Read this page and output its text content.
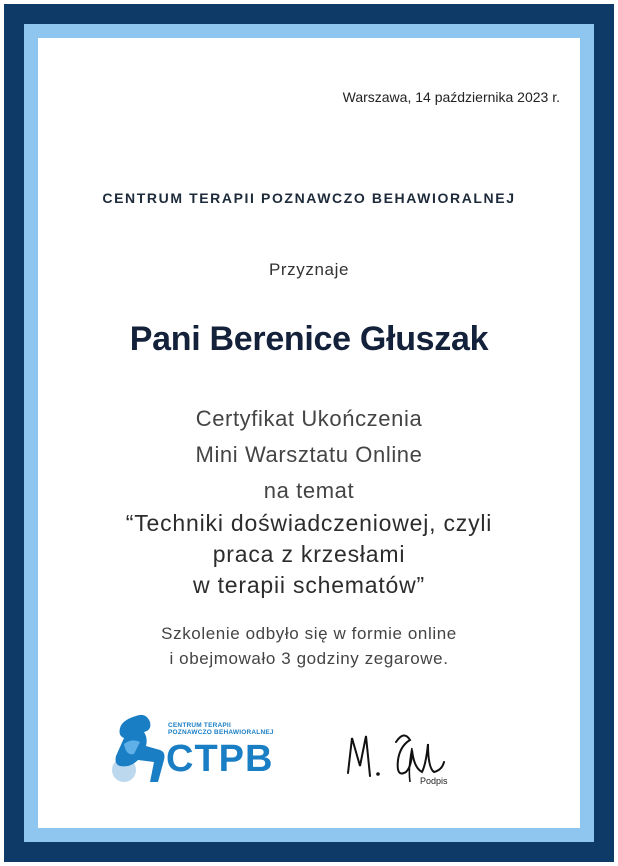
Warszawa, 14 października 2023 r.
CENTRUM TERAPII POZNAWCZO BEHAWIORALNEJ
Przyznaje
Pani Berenice Głuszak
Certyfikat Ukończenia
Mini Warsztatu Online
na temat
“Techniki doświadczeniowej, czyli
praca z krzesłami
w terapii schematów”
Szkolenie odbyło się w formie online
i obejmowało 3 godziny zegarowe.
CENTRUM TERAPII
POZNAWCZO BEHAWIORALNEJ
CTPB
Podpis
